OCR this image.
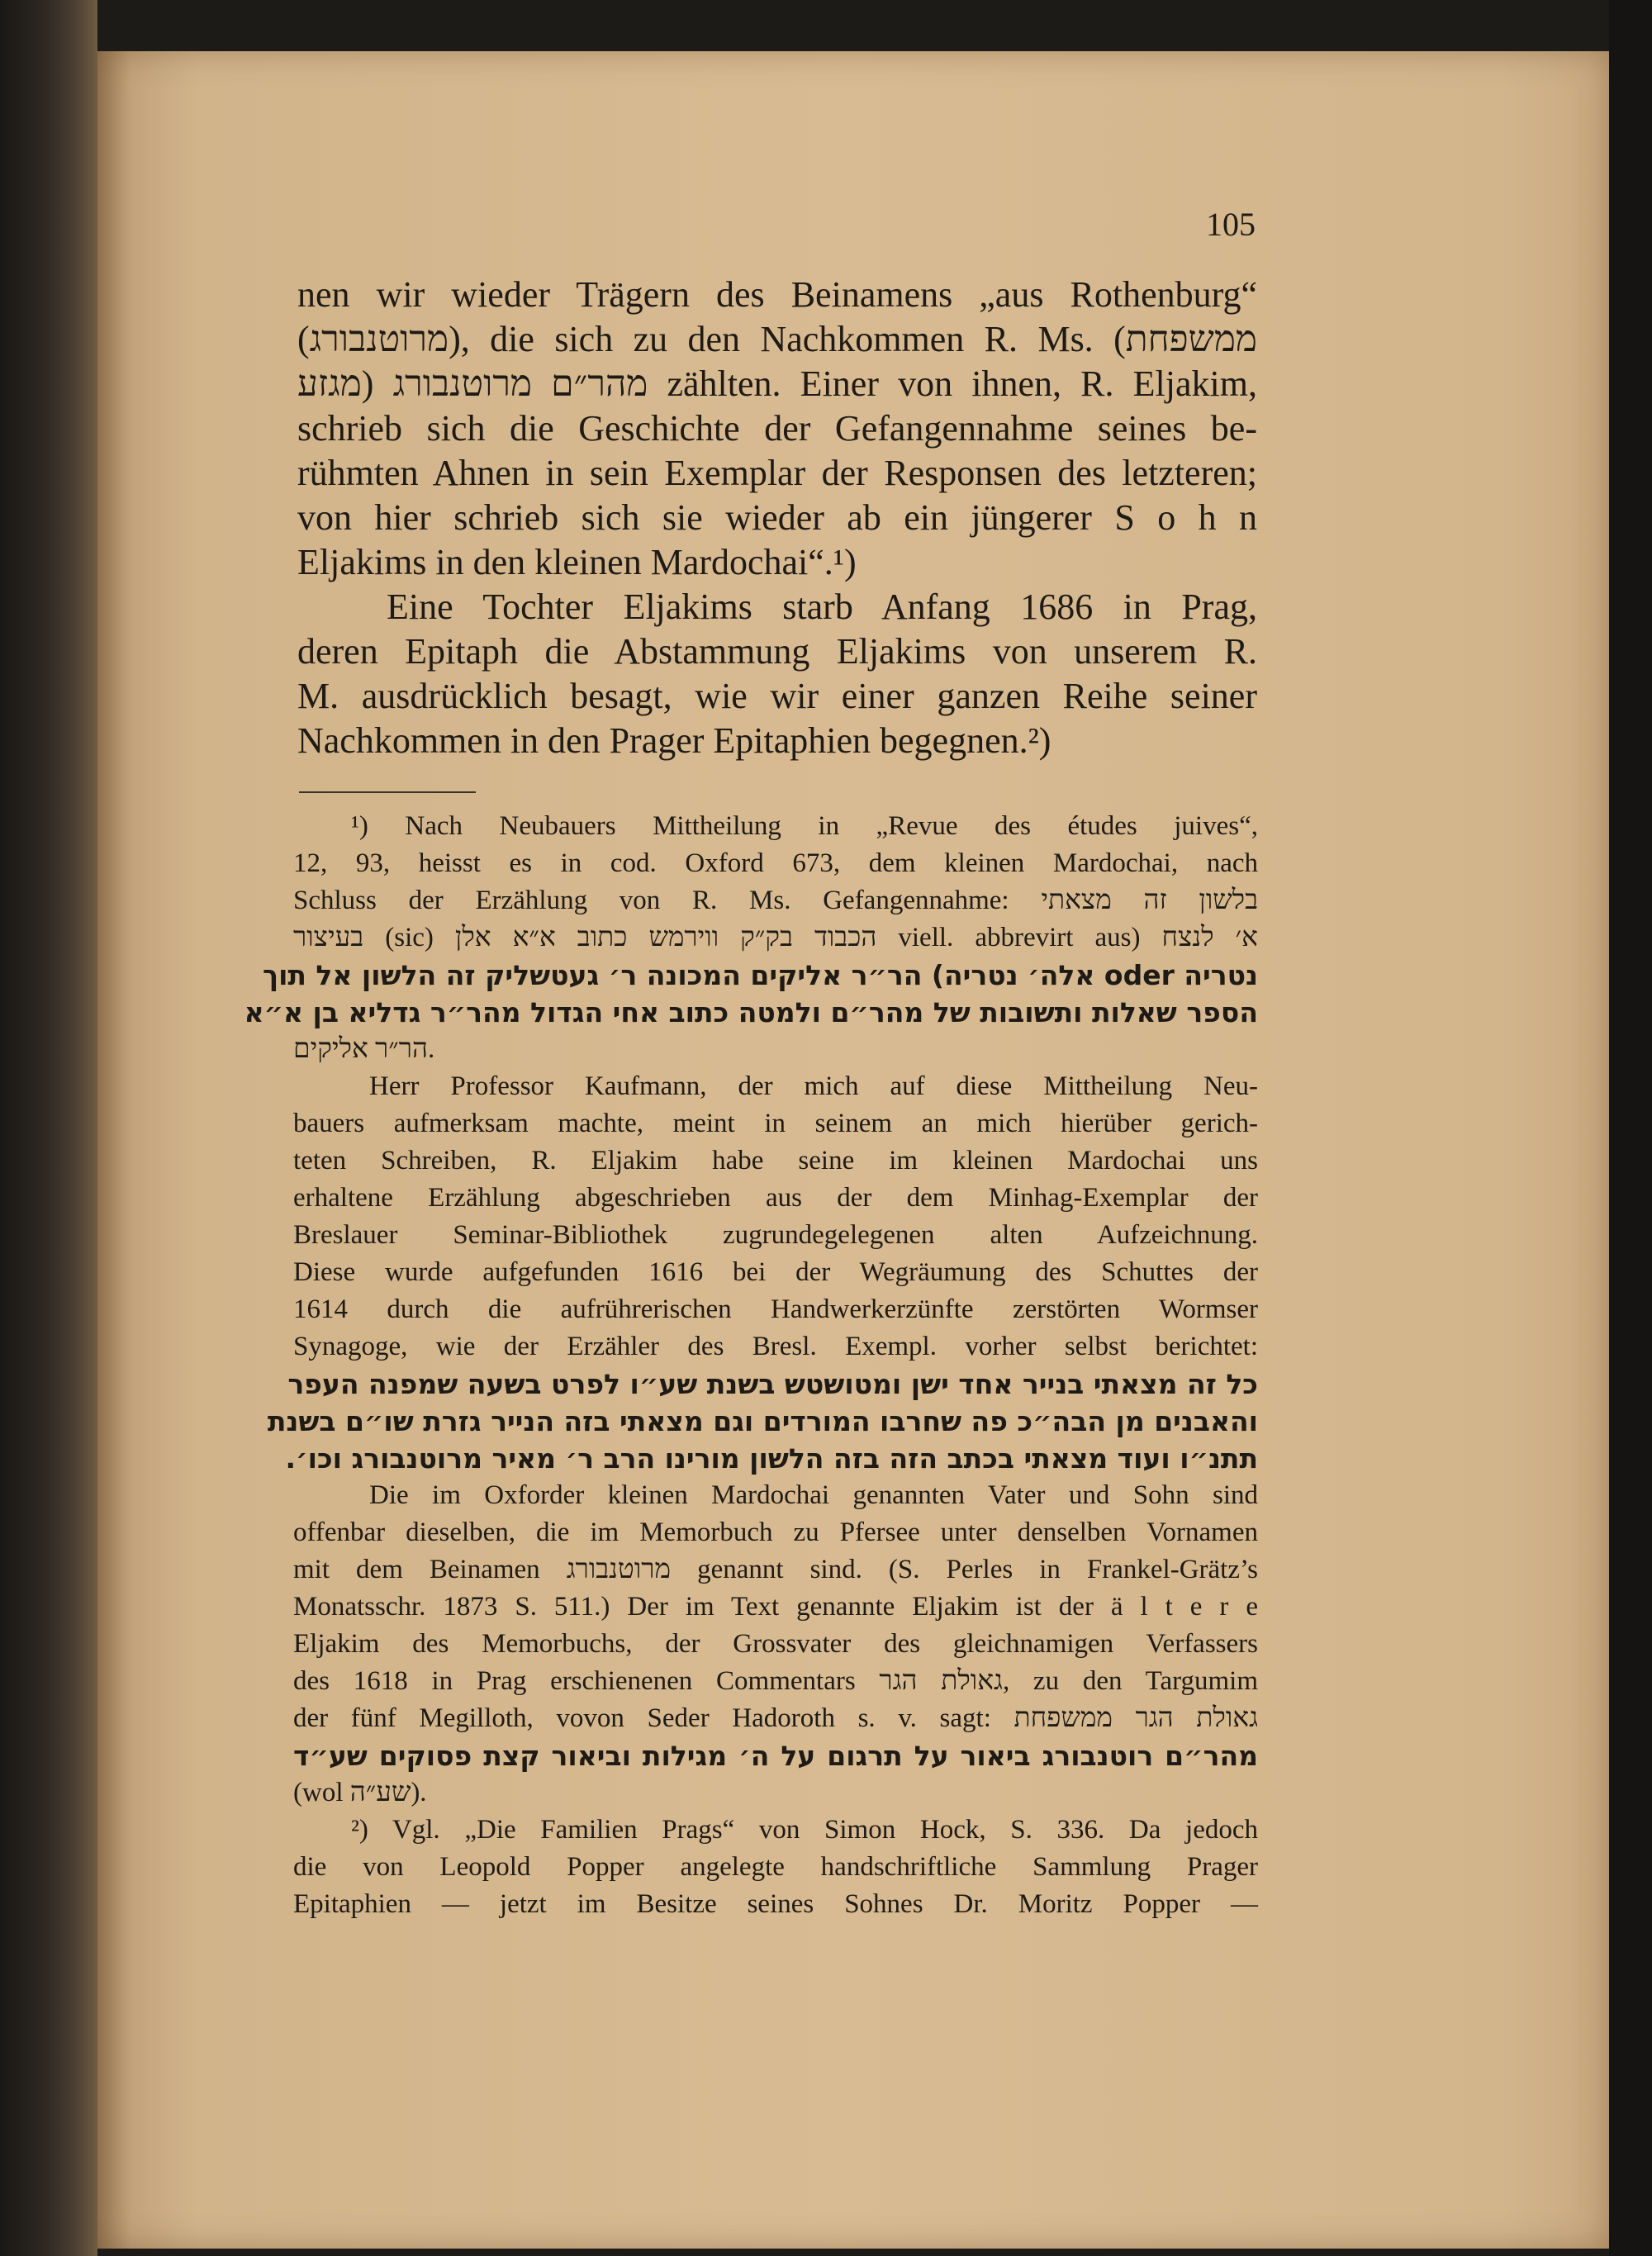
105
nen wir wieder Trägern des Beinamens „aus Rothenburg“
(מרוטנבורג), die sich zu den Nachkommen R. Ms. (ממשפחת
מהר״ם מרוטנבורג (מגזע zählten. Einer von ihnen, R. Eljakim,
schrieb sich die Geschichte der Gefangennahme seines be-
rühmten Ahnen in sein Exemplar der Responsen des letzteren;
von hier schrieb sich sie wieder ab ein jüngerer S o h n
Eljakims in den kleinen Mardochai“.¹)
Eine Tochter Eljakims starb Anfang 1686 in Prag,
deren Epitaph die Abstammung Eljakims von unserem R.
M. ausdrücklich besagt, wie wir einer ganzen Reihe seiner
Nachkommen in den Prager Epitaphien begegnen.²)
¹) Nach Neubauers Mittheilung in „Revue des études juives“,
12, 93, heisst es in cod. Oxford 673, dem kleinen Mardochai, nach
Schluss der Erzählung von R. Ms. Gefangennahme: בלשון זה מצאתי
בעיצור (sic) הכבוד בק״ק ווירמש כתוב א״א אלן viell. abbrevirt aus) א׳ לנצח
נטריה oder אלה׳ נטריה) הר״ר אליקים המכונה ר׳ געטשליק זה הלשון אל תוך
הספר שאלות ותשובות של מהר״ם ולמטה כתוב אחי הגדול מהר״ר גדליא בן א״א
הר״ר אליקים.
Herr Professor Kaufmann, der mich auf diese Mittheilung Neu-
bauers aufmerksam machte, meint in seinem an mich hierüber gerich-
teten Schreiben, R. Eljakim habe seine im kleinen Mardochai uns
erhaltene Erzählung abgeschrieben aus der dem Minhag-Exemplar der
Breslauer Seminar-Bibliothek zugrundegelegenen alten Aufzeichnung.
Diese wurde aufgefunden 1616 bei der Wegräumung des Schuttes der
1614 durch die aufrührerischen Handwerkerzünfte zerstörten Wormser
Synagoge, wie der Erzähler des Bresl. Exempl. vorher selbst berichtet:
כל זה מצאתי בנייר אחד ישן ומטושטש בשנת שע״ו לפרט בשעה שמפנה העפר
והאבנים מן הבה״כ פה שחרבו המורדים וגם מצאתי בזה הנייר גזרת שו״ם בשנת
תתנ״ו ועוד מצאתי בכתב הזה בזה הלשון מורינו הרב ר׳ מאיר מרוטנבורג וכו׳.
Die im Oxforder kleinen Mardochai genannten Vater und Sohn sind
offenbar dieselben, die im Memorbuch zu Pfersee unter denselben Vornamen
mit dem Beinamen מרוטנבורג genannt sind. (S. Perles in Frankel-Grätz’s
Monatsschr. 1873 S. 511.) Der im Text genannte Eljakim ist der ä l t e r e
Eljakim des Memorbuchs, der Grossvater des gleichnamigen Verfassers
des 1618 in Prag erschienenen Commentars גאולת הגר, zu den Targumim
der fünf Megilloth, vovon Seder Hadoroth s. v. sagt: גאולת הגר ממשפחת
מהר״ם רוטנבורג ביאור על תרגום על ה׳ מגילות וביאור קצת פסוקים שע״ד
(wol שע״ה).
²) Vgl. „Die Familien Prags“ von Simon Hock, S. 336. Da jedoch
die von Leopold Popper angelegte handschriftliche Sammlung Prager
Epitaphien — jetzt im Besitze seines Sohnes Dr. Moritz Popper —
